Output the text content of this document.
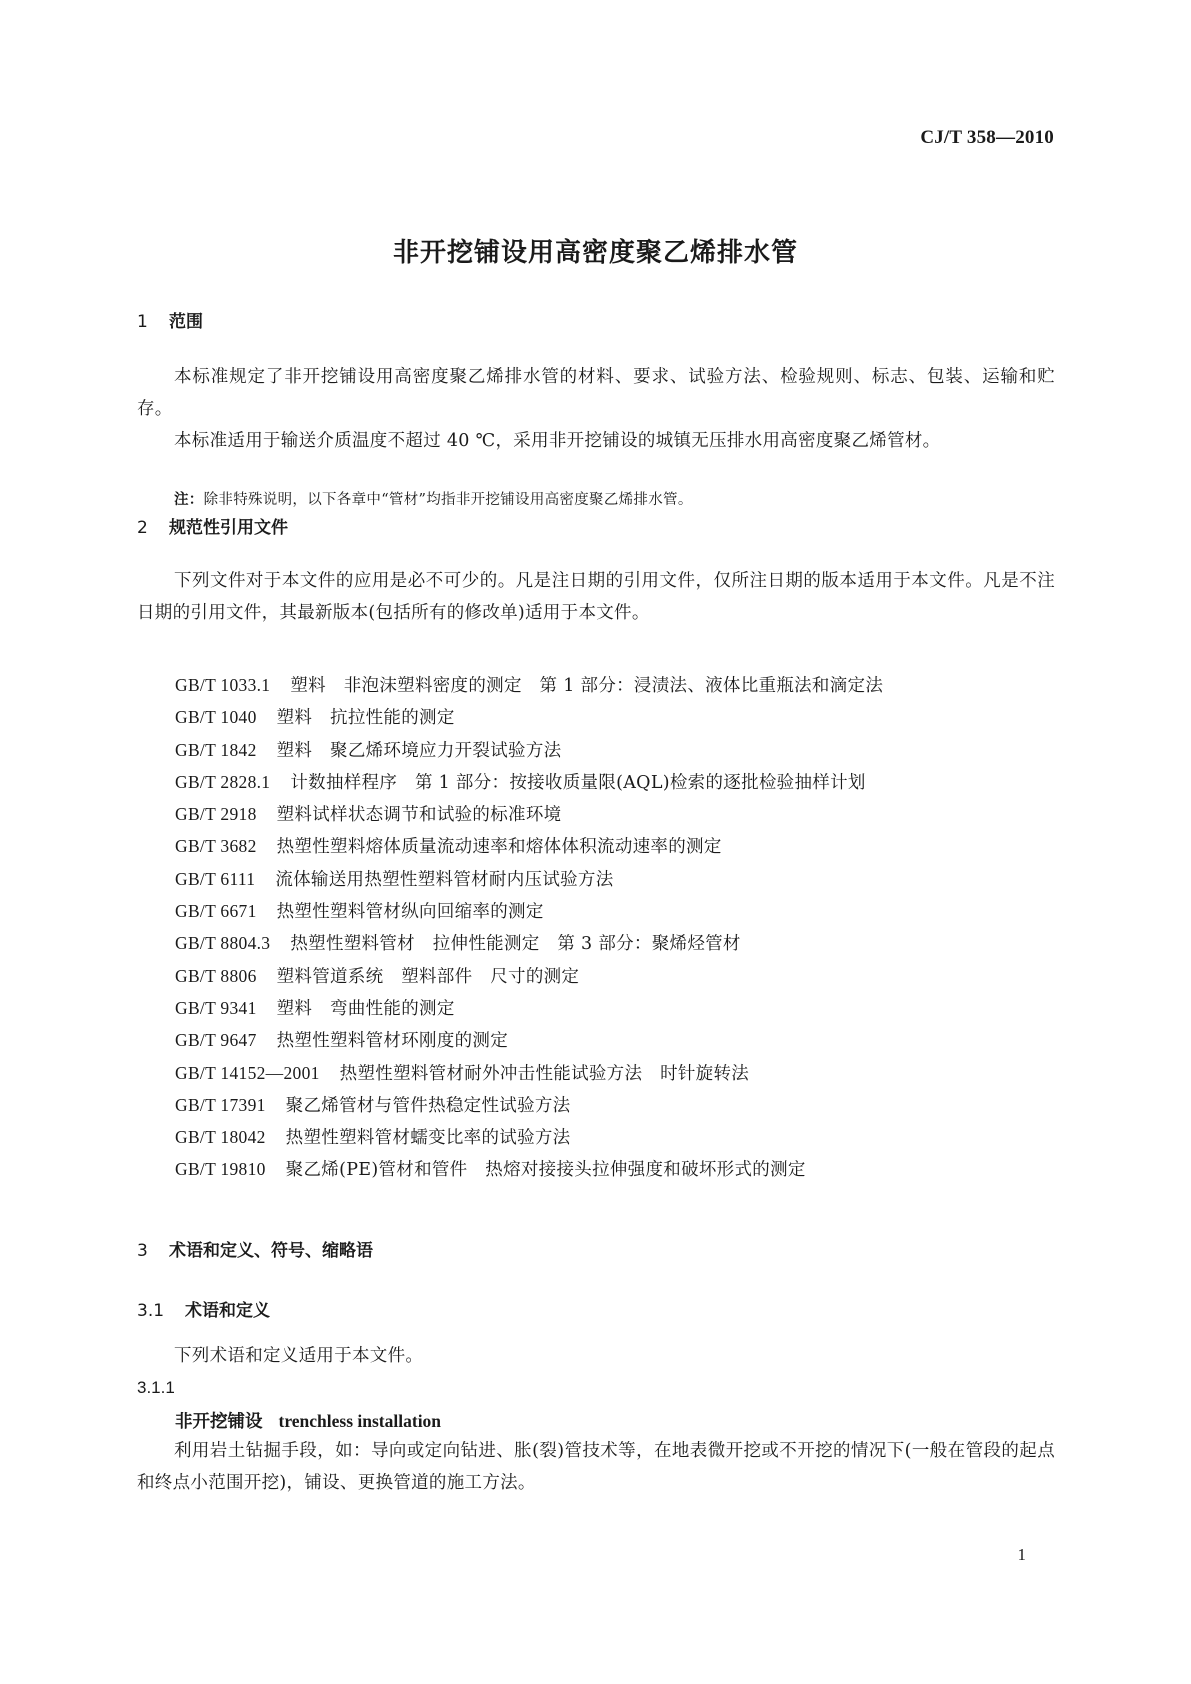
CJ/T 358—2010
非开挖铺设用高密度聚乙烯排水管
1 范围

本标准规定了非开挖铺设用高密度聚乙烯排水管的材料、要求、试验方法、检验规则、标志、包装、运输和贮存。

本标准适用于输送介质温度不超过 40 ℃，采用非开挖铺设的城镇无压排水用高密度聚乙烯管材。

注：除非特殊说明，以下各章中“管材”均指非开挖铺设用高密度聚乙烯排水管。
2 规范性引用文件

下列文件对于本文件的应用是必不可少的。凡是注日期的引用文件，仅所注日期的版本适用于本文件。凡是不注日期的引用文件，其最新版本(包括所有的修改单)适用于本文件。

GB/T 1033.1 塑料　非泡沫塑料密度的测定　第 1 部分：浸渍法、液体比重瓶法和滴定法
GB/T 1040 塑料　抗拉性能的测定
GB/T 1842 塑料　聚乙烯环境应力开裂试验方法
GB/T 2828.1 计数抽样程序　第 1 部分：按接收质量限(AQL)检索的逐批检验抽样计划
GB/T 2918 塑料试样状态调节和试验的标准环境
GB/T 3682 热塑性塑料熔体质量流动速率和熔体体积流动速率的测定
GB/T 6111 流体输送用热塑性塑料管材耐内压试验方法
GB/T 6671 热塑性塑料管材纵向回缩率的测定
GB/T 8804.3 热塑性塑料管材　拉伸性能测定　第 3 部分：聚烯烃管材
GB/T 8806 塑料管道系统　塑料部件　尺寸的测定
GB/T 9341 塑料　弯曲性能的测定
GB/T 9647 热塑性塑料管材环刚度的测定
GB/T 14152—2001 热塑性塑料管材耐外冲击性能试验方法　时针旋转法
GB/T 17391 聚乙烯管材与管件热稳定性试验方法
GB/T 18042 热塑性塑料管材蠕变比率的试验方法
GB/T 19810 聚乙烯(PE)管材和管件　热熔对接接头拉伸强度和破坏形式的测定
3 术语和定义、符号、缩略语
3.1 术语和定义

下列术语和定义适用于本文件。

3.1.1
非开挖铺设 trenchless installation

利用岩土钻掘手段，如：导向或定向钻进、胀(裂)管技术等，在地表微开挖或不开挖的情况下(一般在管段的起点和终点小范围开挖)，铺设、更换管道的施工方法。

1
